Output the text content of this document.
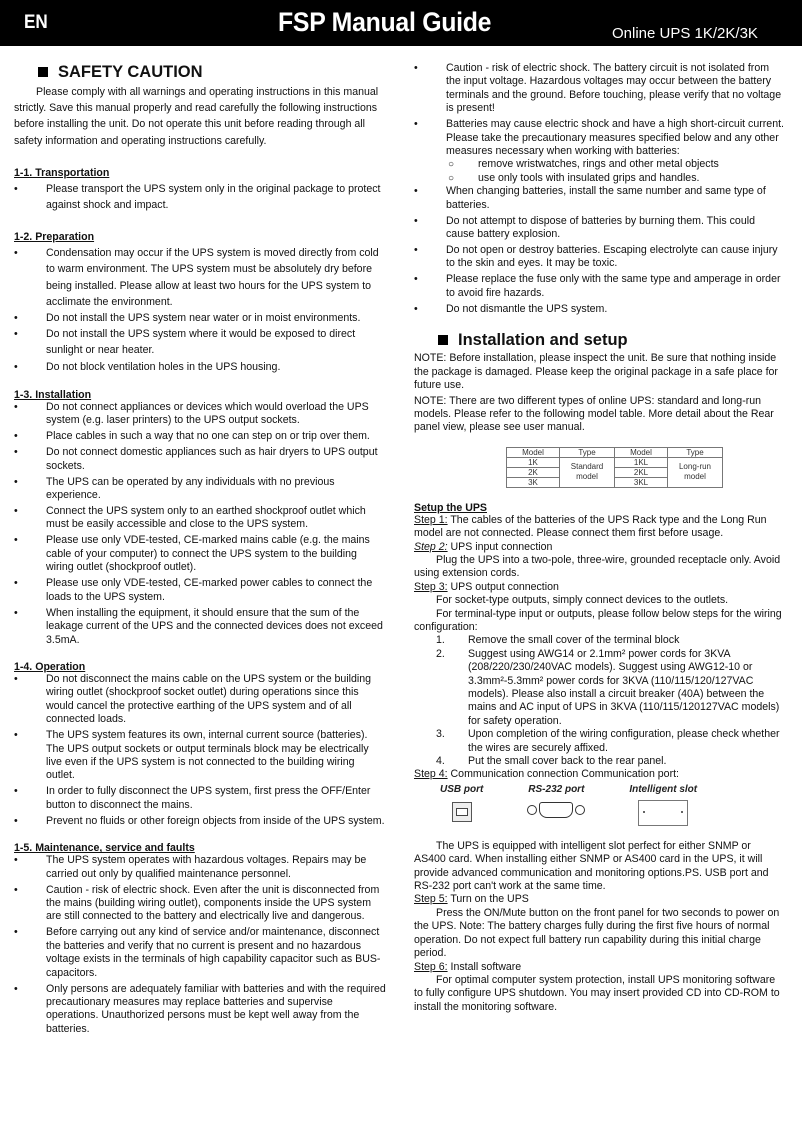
EN	FSP Manual Guide	Online UPS 1K/2K/3K
SAFETY CAUTION

Please comply with all warnings and operating instructions in this manual strictly. Save this manual properly and read carefully the following instructions before installing the unit. Do not operate this unit before reading through all safety information and operating instructions carefully.

1-1. Transportation
•	Please transport the UPS system only in the original package to protect against shock and impact.
1-2. Preparation
•	Condensation may occur if the UPS system is moved directly from cold to warm environment. The UPS system must be absolutely dry before being installed. Please allow at least two hours for the UPS system to acclimate the environment.
•	Do not install the UPS system near water or in moist environments.
•	Do not install the UPS system where it would be exposed to direct sunlight or near heater.
•	Do not block ventilation holes in the UPS housing.
1-3. Installation
•	Do not connect appliances or devices which would overload the UPS system (e.g. laser printers) to the UPS output sockets.
•	Place cables in such a way that no one can step on or trip over them.
•	Do not connect domestic appliances such as hair dryers to UPS output sockets.
•	The UPS can be operated by any individuals with no previous experience.
•	Connect the UPS system only to an earthed shockproof outlet which must be easily accessible and close to the UPS system.
•	Please use only VDE-tested, CE-marked mains cable (e.g. the mains cable of your computer) to connect the UPS system to the building wiring outlet (shockproof outlet).
•	Please use only VDE-tested, CE-marked power cables to connect the loads to the UPS system.
•	When installing the equipment, it should ensure that the sum of the leakage current of the UPS and the connected devices does not exceed 3.5mA.
1-4. Operation
•	Do not disconnect the mains cable on the UPS system or the building wiring outlet (shockproof socket outlet) during operations since this would cancel the protective earthing of the UPS system and of all connected loads.
•	The UPS system features its own, internal current source (batteries). The UPS output sockets or output terminals block may be electrically live even if the UPS system is not connected to the building wiring outlet.
•	In order to fully disconnect the UPS system, first press the OFF/Enter button to disconnect the mains.
•	Prevent no fluids or other foreign objects from inside of the UPS system.
1-5. Maintenance, service and faults
•	The UPS system operates with hazardous voltages. Repairs may be carried out only by qualified maintenance personnel.
•	Caution - risk of electric shock. Even after the unit is disconnected from the mains (building wiring outlet), components inside the UPS system are still connected to the battery and electrically live and dangerous.
•	Before carrying out any kind of service and/or maintenance, disconnect the batteries and verify that no current is present and no hazardous voltage exists in the terminals of high capability capacitor such as BUS-capacitors.
•	Only persons are adequately familiar with batteries and with the required precautionary measures may replace batteries and supervise operations. Unauthorized persons must be kept well away from the batteries.
•	Caution - risk of electric shock. The battery circuit is not isolated from the input voltage. Hazardous voltages may occur between the battery terminals and the ground. Before touching, please verify that no voltage is present!
•	Batteries may cause electric shock and have a high short-circuit current. Please take the precautionary measures specified below and any other measures necessary when working with batteries:
○ remove wristwatches, rings and other metal objects
○ use only tools with insulated grips and handles.
•	When changing batteries, install the same number and same type of batteries.
•	Do not attempt to dispose of batteries by burning them. This could cause battery explosion.
•	Do not open or destroy batteries. Escaping electrolyte can cause injury to the skin and eyes. It may be toxic.
•	Please replace the fuse only with the same type and amperage in order to avoid fire hazards.
•	Do not dismantle the UPS system.
Installation and setup

NOTE: Before installation, please inspect the unit. Be sure that nothing inside the package is damaged. Please keep the original package in a safe place for future use.

NOTE: There are two different types of online UPS: standard and long-run models. Please refer to the following model table. More detail about the Rear panel view, please see user manual.

Model	Type	Model	Type
1K	Standard model	1KL	Long-run model
2K		2KL	
3K		3KL	
Setup the UPS

Step 1: The cables of the batteries of the UPS Rack type and the Long Run model are not connected. Please connect them first before usage.

Step 2: UPS input connection

Plug the UPS into a two-pole, three-wire, grounded receptacle only. Avoid using extension cords.

Step 3: UPS output connection

For socket-type outputs, simply connect devices to the outlets.

For terminal-type input or outputs, please follow below steps for the wiring configuration:

1. Remove the small cover of the terminal block
2. Suggest using AWG14 or 2.1mm² power cords for 3KVA (208/220/230/240VAC models). Suggest using AWG12-10 or 3.3mm²-5.3mm² power cords for 3KVA (110/115/120/127VAC models). Please also install a circuit breaker (40A) between the mains and AC input of UPS in 3KVA (110/115/120127VAC models) for safety operation.
3. Upon completion of the wiring configuration, please check whether the wires are securely affixed.
4. Put the small cover back to the rear panel.

Step 4: Communication connection Communication port:

USB port	RS-232 port	Intelligent slot

The UPS is equipped with intelligent slot perfect for either SNMP or AS400 card. When installing either SNMP or AS400 card in the UPS, it will provide advanced communication and monitoring options.PS. USB port and RS-232 port can't work at the same time.

Step 5: Turn on the UPS

Press the ON/Mute button on the front panel for two seconds to power on the UPS. Note: The battery charges fully during the first five hours of normal operation. Do not expect full battery run capability during this initial charge period.

Step 6: Install software

For optimal computer system protection, install UPS monitoring software to fully configure UPS shutdown. You may insert provided CD into CD-ROM to install the monitoring software.
